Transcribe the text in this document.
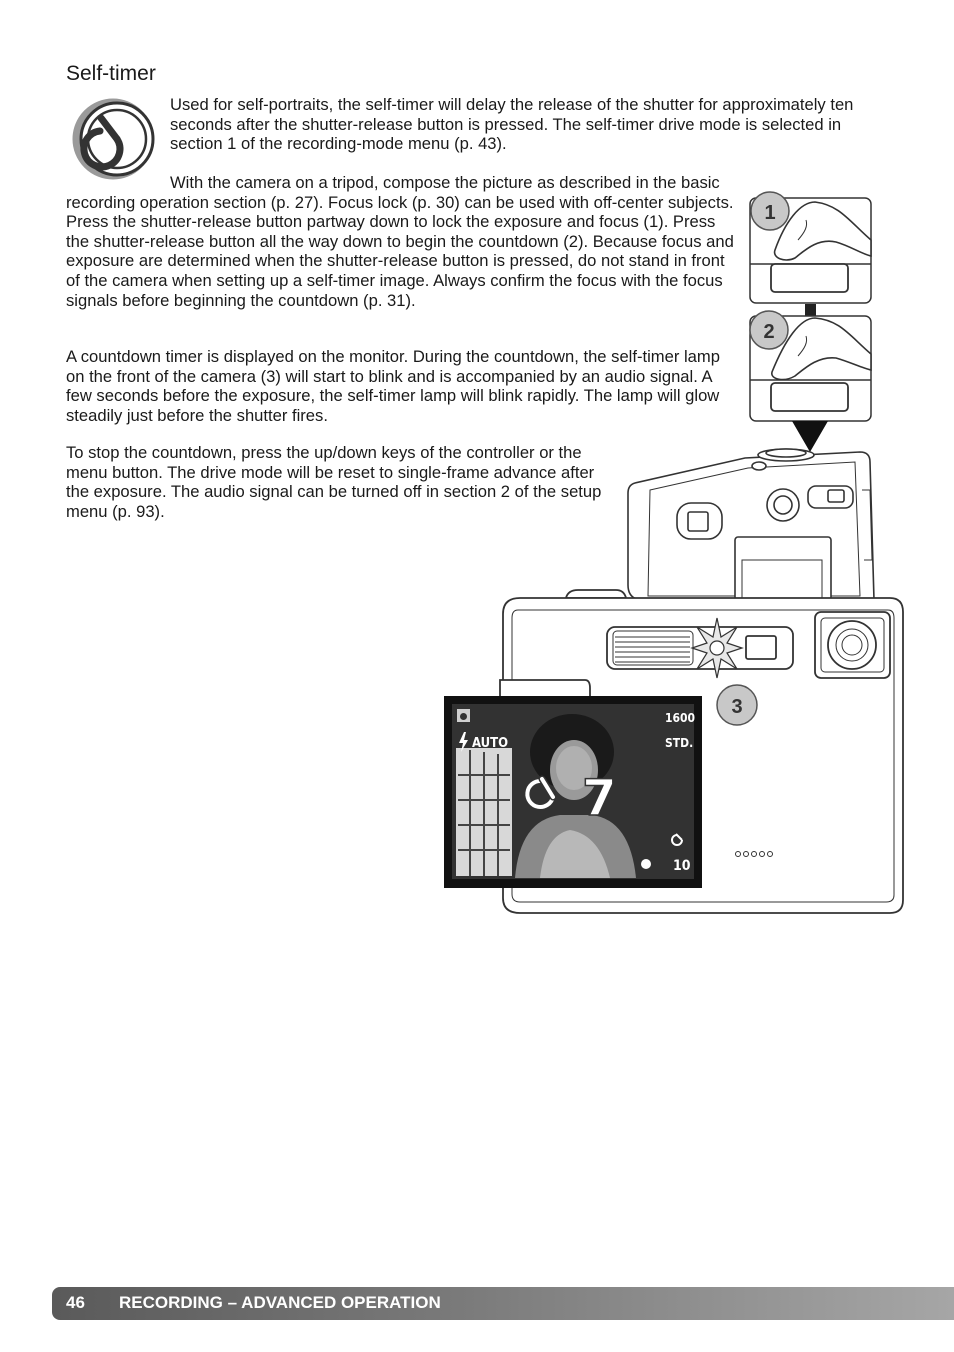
Self-timer

Used for self-portraits, the self-timer will delay the release of the shutter for approximately ten seconds after the shutter-release button is pressed. The self-timer drive mode is selected in section 1 of the recording-mode menu (p. 43).

With the camera on a tripod, compose the picture as described in the basic recording operation section (p. 27). Focus lock (p. 30) can be used with off-center subjects. Press the shutter-release button partway down to lock the exposure and focus (1). Press the shutter-release button all the way down to begin the countdown (2). Because focus and exposure are determined when the shutter-release button is pressed, do not stand in front of the camera when setting up a self-timer image. Always confirm the focus with the focus signals before beginning the countdown (p. 31).

A countdown timer is displayed on the monitor. During the countdown, the self-timer lamp on the front of the camera (3) will start to blink and is accompanied by an audio signal. A few seconds before the exposure, the self-timer lamp will blink rapidly. The lamp will glow steadily just before the shutter fires.

To stop the countdown, press the up/down keys of the controller or the menu button. The drive mode will be reset to single-frame advance after the exposure. The audio signal can be turned off in section 2 of the setup menu (p. 93).

1
2
3
AUTO
1600
STD.
10
7
46 RECORDING – ADVANCED OPERATION
